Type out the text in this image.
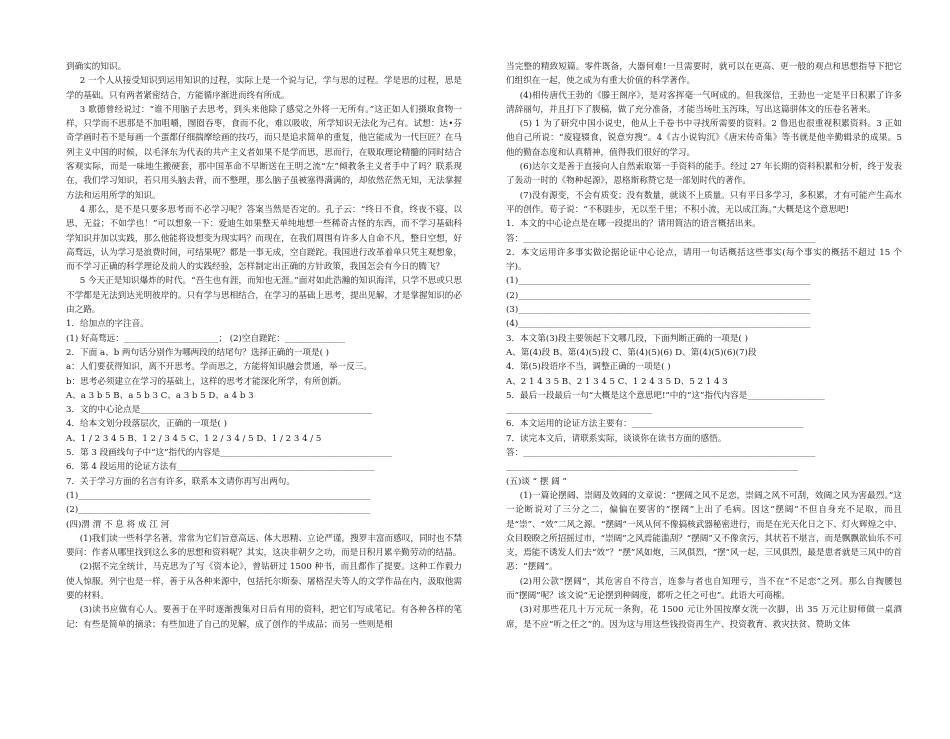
到确实的知识。
2 一个人从接受知识到运用知识的过程，实际上是一个说与记，学与思的过程。学是思的过程，思是学的基础。只有两者紧密结合，方能循序渐进而终有所成。
3 歌德曾经说过：“谁不用脑子去思考，到头来他除了感觉之外将一无所有。”这正如人们摄取食物一样，只学而不思那是不加咀嚼，囫囵吞枣，食而不化，难以吸收，所学知识无法化为己有。试想：达•芬奇学画时若不是每画一个蛋都仔细揣摩绘画的技巧，而只是追求简单的重复，他岂能成为一代巨匠？在马列主义中国的时候，以毛泽东为代表的共产主义者如果不是学而思，思而行，在吸取理论精髓的同时结合客观实际，而是一味地生搬硬套，那中国革命不早断送在王明之流“左”倾教条主义者手中了吗？联系现在，我们学习知识，若只用头脑去背，而不整理，那么脑子虽被塞得满满的，却依然茫然无知，无法掌握方法和运用所学的知识。
4 那么，是不是只要多思考而不必学习呢？答案当然是否定的。孔子云：“终日不食，终夜不寝，以思，无益；不如学也！”可以想象一下：爱迪生如果整天单纯地想一些稀奇古怪的东西，而不学习基础科学知识并加以实践，那么他能将设想变为现实吗？而现在，在我们周围有许多人自命不凡，整日空想，好高骛远，认为学习是浪费时间，可结果呢？都是一事无成，空自蹉跎。我国进行改革着单只凭主观想象，而不学习正确的科学理论及前人的实践经验，怎样制定出正确的方针政策，我国怎会有今日的腾飞？
5 今天正是知识爆炸的时代。“吾生也有涯，而知也无涯。”面对如此浩瀚的知识海洋，只学不思或只思不学都是无法到达光明彼岸的。只有学与思相结合，在学习的基础上思考，提出见解，才是掌握知识的必由之路。
1．给加点的字注音。
(1) 好高骛远：______________________； (2)空自蹉跎：______________
2．下面 a、b 两句话分别作为哪两段的结尾句？选择正确的一项是( )
a：人们要获得知识，离不开思考。学而思之，方能将知识融会贯通，举一反三。
b：思考必须建立在学习的基础上，这样的思考才能深化所学，有所创新。
A、a 3 b 5 B、a 5 b 3 C、a 3 b 5 D、a 4 b 3
3．文的中心论点是______________________________________________________
4．给本文划分段落层次，正确的一项是( )
A、1 / 2 3 4 5 B、1 2 / 3 4 5 C、1 2 / 3 4 / 5 D、1 / 2 3 4 / 5
5．第 3 段画线句子中“这”指代的内容是________________________________________
6．第 4 段运用的论证方法有______________________________________________
7．关于学习方面的名言有许多，联系本文请你再写出两句。
(1)____________________________________________________________________
(2)____________________________________________________________________
(四)渭 渭 不 息 将 成 江 河
(1)我们读一些科学名著，常常为它们旨意高远、体大思精、立论严谨，搜罗丰富而感叹，同时也不禁要问：作者从哪里找到这么多的思想和资料呢？其实，这决非朝夕之功，而是日积月累辛勤劳动的结晶。
(2)据不完全统计，马克思为了写《资本论》，曾钻研过 1500 种书，而且都作了提要。这种工作毅力使人惊服。列宁也是一样，善于从各种来源中，包括托尔斯泰、屠格涅夫等人的文学作品在内，汲取他需要的材料。
(3)读书应做有心人。要善于在平时逐渐搜集对日后有用的资料，把它们写成笔记。有各种各样的笔记：有些是简单的摘录；有些加进了自己的见解，成了创作的半成品；而另一些则是相
当完整的精致短篇。零件既备，大器何难!一旦需要时，就可以在更高、更一般的观点和思想指导下把它们组织在一起，使之成为有重大价值的科学著作。
(4)相传唐代王勃的《滕王阁序》，是对客挥毫一气呵成的。但我深信，王勃也一定是平日积累了许多清辞丽句，并且打下了腹稿，做了充分准备，才能当场吐玉泻珠，写出这篇骈体文的压卷名著来。
(5) 1 为了研究中国小说史，他从上千卷书中寻找所需要的资料。2 鲁迅也很重视积累资料。3 正如他自己所说：“废寝辍食，锐意穷搜”。4《古小说钩沉》《唐宋传奇集》等书就是他辛勤辑录的成果。5 他的勤奋态度和认真精神，值得我们很好的学习。
(6)达尔文是善于直接向人自然索取第一手资料的能手。经过 27 年长期的资料积累和分析，终于发表了轰动一时的《物种起源》，恩格斯称赞它是一部划时代的著作。
(7)没有源变，不会有质变；没有数量，就谈不上质量。只有平日多学习，多积累，才有可能产生高水平的创作。荀子说：“不积跬步，无以至千里；不积小流，无以成江海。”大概是这个意思吧!
1．本文的中心论点是在哪一段提出的？请用简洁的语言概括出来。
答：____________________________________________________________________
2．本文运用许多事实做论据论证中心论点，请用一句话概括这些事实(每个事实的概括不超过 15 个字)。
(1)____________________________________________________________________
(2)____________________________________________________________________
(3)____________________________________________________________________
(4)____________________________________________________________________
3．本文第(3)段主要领起下文哪几段，下面判断正确的一项是( )
A、第(4)段 B、第(4)(5)段 C、第(4)(5)(6) D、第(4)(5)(6)(7)段
4．第(5)段语序不当，调整正确的一项是( )
A、2 1 4 3 5 B、2 1 3 4 5 C、1 2 4 3 5 D、5 2 1 4 3
5．最后一段最后一句“大概是这个意思吧!”中的“这”指代内容是__________________
__________________________________
6．本文运用的论证方法主要有：________________________________________
7．读完本文后，请联系实际，谈谈你在读书方面的感悟。
答：____________________________________________________________________
____________________________________________________________________
(五)谈 “ 摆 阔 ”
(1)一篇论摆阔、崇阔及效阔的文章说：“摆阔之风不足恋，崇阔之风不可刮，效阔之风为害最烈。”这一论断说对了三分之二，偏偏在要害的“摆阔”上出了毛病。因这“摆阔”不但自身充不足取，而且是“崇”、“效”二风之源。“摆阔”一风从何不像搞核武器秘密进行，而是在光天化日之下、灯火辉煌之中、众目睽睽之所招摇过市，“崇阔”之风焉能滥刮？“摆阔”又不像贪污，其状若不堪言，而是飘飘欲仙乐不可支，焉能不诱发人们去“效”？“摆”风如炮，三风俱烈，“摆”风一起，三风俱烈，最是患者就是三风中的首恶：“摆阔”。
(2)用公款“摆阔”，其危害自不待言，连参与者也自知理亏，当不在“不足恋”之列。那么自掏腰包而“摆阔”呢？该文说“无论摆到种阔度，都听之任之可也”。此语大可商榷。
(3)对那些花几十万元玩一条狗，花 1500 元让外国按摩女洗一次脚，出 35 万元让厨师做一桌酒席，是不应“听之任之”的。因为这与用这些钱投资再生产、投资教育、救灾扶贫、赞助文体
